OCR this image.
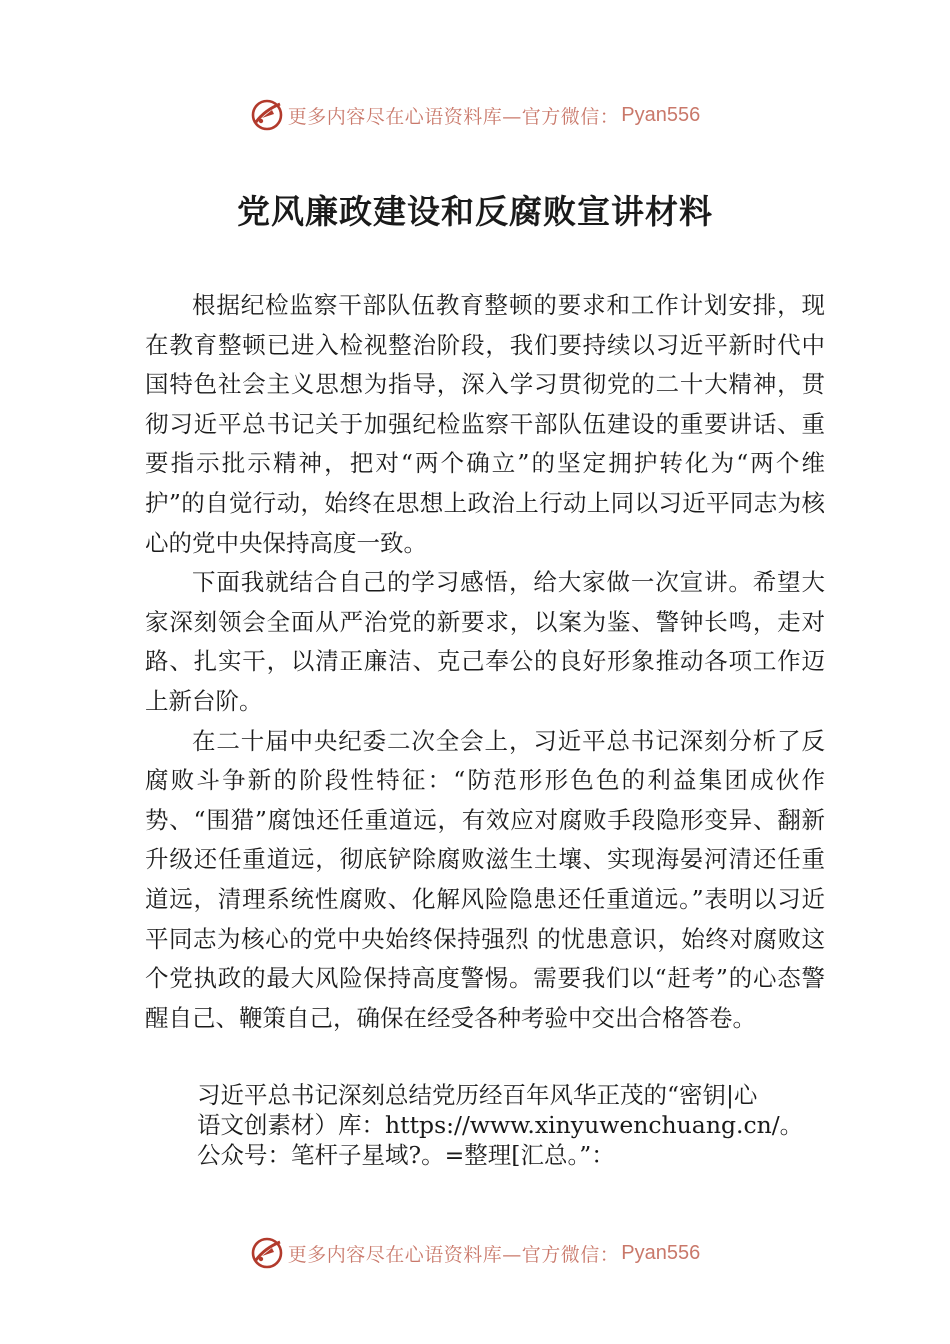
更多内容尽在心语资料库—官方微信： Pyan556
党风廉政建设和反腐败宣讲材料

根据纪检监察干部队伍教育整顿的要求和工作计划安排，现在教育整顿已进入检视整治阶段，我们要持续以习近平新时代中国特色社会主义思想为指导，深入学习贯彻党的二十大精神，贯彻习近平总书记关于加强纪检监察干部队伍建设的重要讲话、重要指示批示精神，把对“两个确立”的坚定拥护转化为“两个维护”的自觉行动，始终在思想上政治上行动上同以习近平同志为核心的党中央保持高度一致。

下面我就结合自己的学习感悟，给大家做一次宣讲。希望大家深刻领会全面从严治党的新要求，以案为鉴、警钟长鸣，走对路、扎实干，以清正廉洁、克己奉公的良好形象推动各项工作迈上新台阶。

在二十届中央纪委二次全会上，习近平总书记深刻分析了反腐败斗争新的阶段性特征：“防范形形色色的利益集团成伙作势、“围猎”腐蚀还任重道远，有效应对腐败手段隐形变异、翻新升级还任重道远，彻底铲除腐败滋生土壤、实现海晏河清还任重道远，清理系统性腐败、化解风险隐患还任重道远。”表明以习近平同志为核心的党中央始终保持强烈 的忧患意识，始终对腐败这个党执政的最大风险保持高度警惕。需要我们以“赶考”的心态警醒自己、鞭策自己，确保在经受各种考验中交出合格答卷。

习近平总书记深刻总结党历经百年风华正茂的“密钥|心

语文创素材）库：https://www.xinyuwenchuang.cn/。

公众号：笔杆子星域?。=整理[汇总。”：

更多内容尽在心语资料库—官方微信： Pyan556
